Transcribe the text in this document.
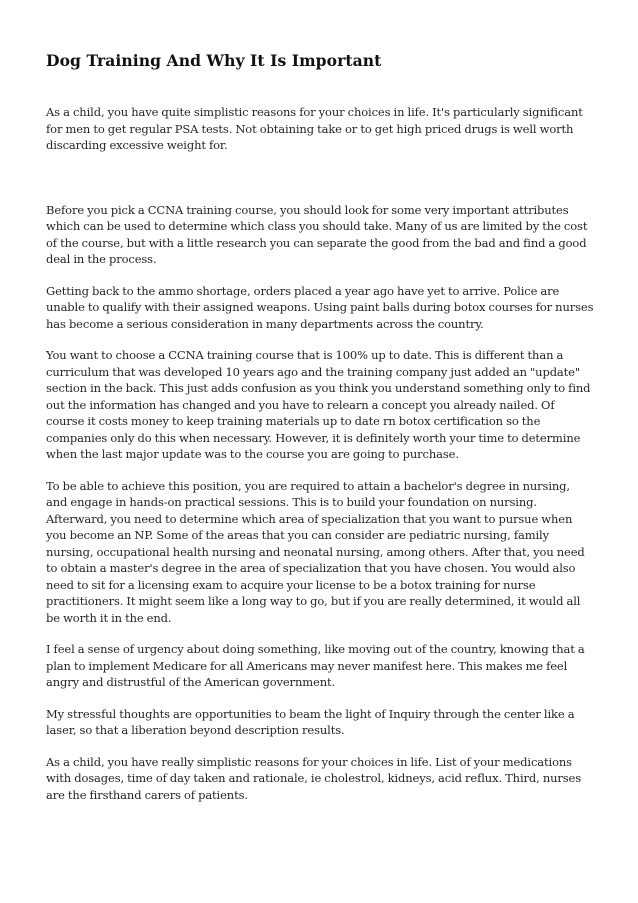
Dog Training And Why It Is Important

As a child, you have quite simplistic reasons for your choices in life. It's particularly significant for men to get regular PSA tests. Not obtaining take or to get high priced drugs is well worth discarding excessive weight for.

Before you pick a CCNA training course, you should look for some very important attributes which can be used to determine which class you should take. Many of us are limited by the cost of the course, but with a little research you can separate the good from the bad and find a good deal in the process.

Getting back to the ammo shortage, orders placed a year ago have yet to arrive. Police are unable to qualify with their assigned weapons. Using paint balls during botox courses for nurses has become a serious consideration in many departments across the country.

You want to choose a CCNA training course that is 100% up to date. This is different than a curriculum that was developed 10 years ago and the training company just added an "update" section in the back. This just adds confusion as you think you understand something only to find out the information has changed and you have to relearn a concept you already nailed. Of course it costs money to keep training materials up to date rn botox certification so the companies only do this when necessary. However, it is definitely worth your time to determine when the last major update was to the course you are going to purchase.

To be able to achieve this position, you are required to attain a bachelor's degree in nursing, and engage in hands-on practical sessions. This is to build your foundation on nursing. Afterward, you need to determine which area of specialization that you want to pursue when you become an NP. Some of the areas that you can consider are pediatric nursing, family nursing, occupational health nursing and neonatal nursing, among others. After that, you need to obtain a master's degree in the area of specialization that you have chosen. You would also need to sit for a licensing exam to acquire your license to be a botox training for nurse practitioners. It might seem like a long way to go, but if you are really determined, it would all be worth it in the end.

I feel a sense of urgency about doing something, like moving out of the country, knowing that a plan to implement Medicare for all Americans may never manifest here. This makes me feel angry and distrustful of the American government.

My stressful thoughts are opportunities to beam the light of Inquiry through the center like a laser, so that a liberation beyond description results.

As a child, you have really simplistic reasons for your choices in life. List of your medications with dosages, time of day taken and rationale, ie cholestrol, kidneys, acid reflux. Third, nurses are the firsthand carers of patients.
